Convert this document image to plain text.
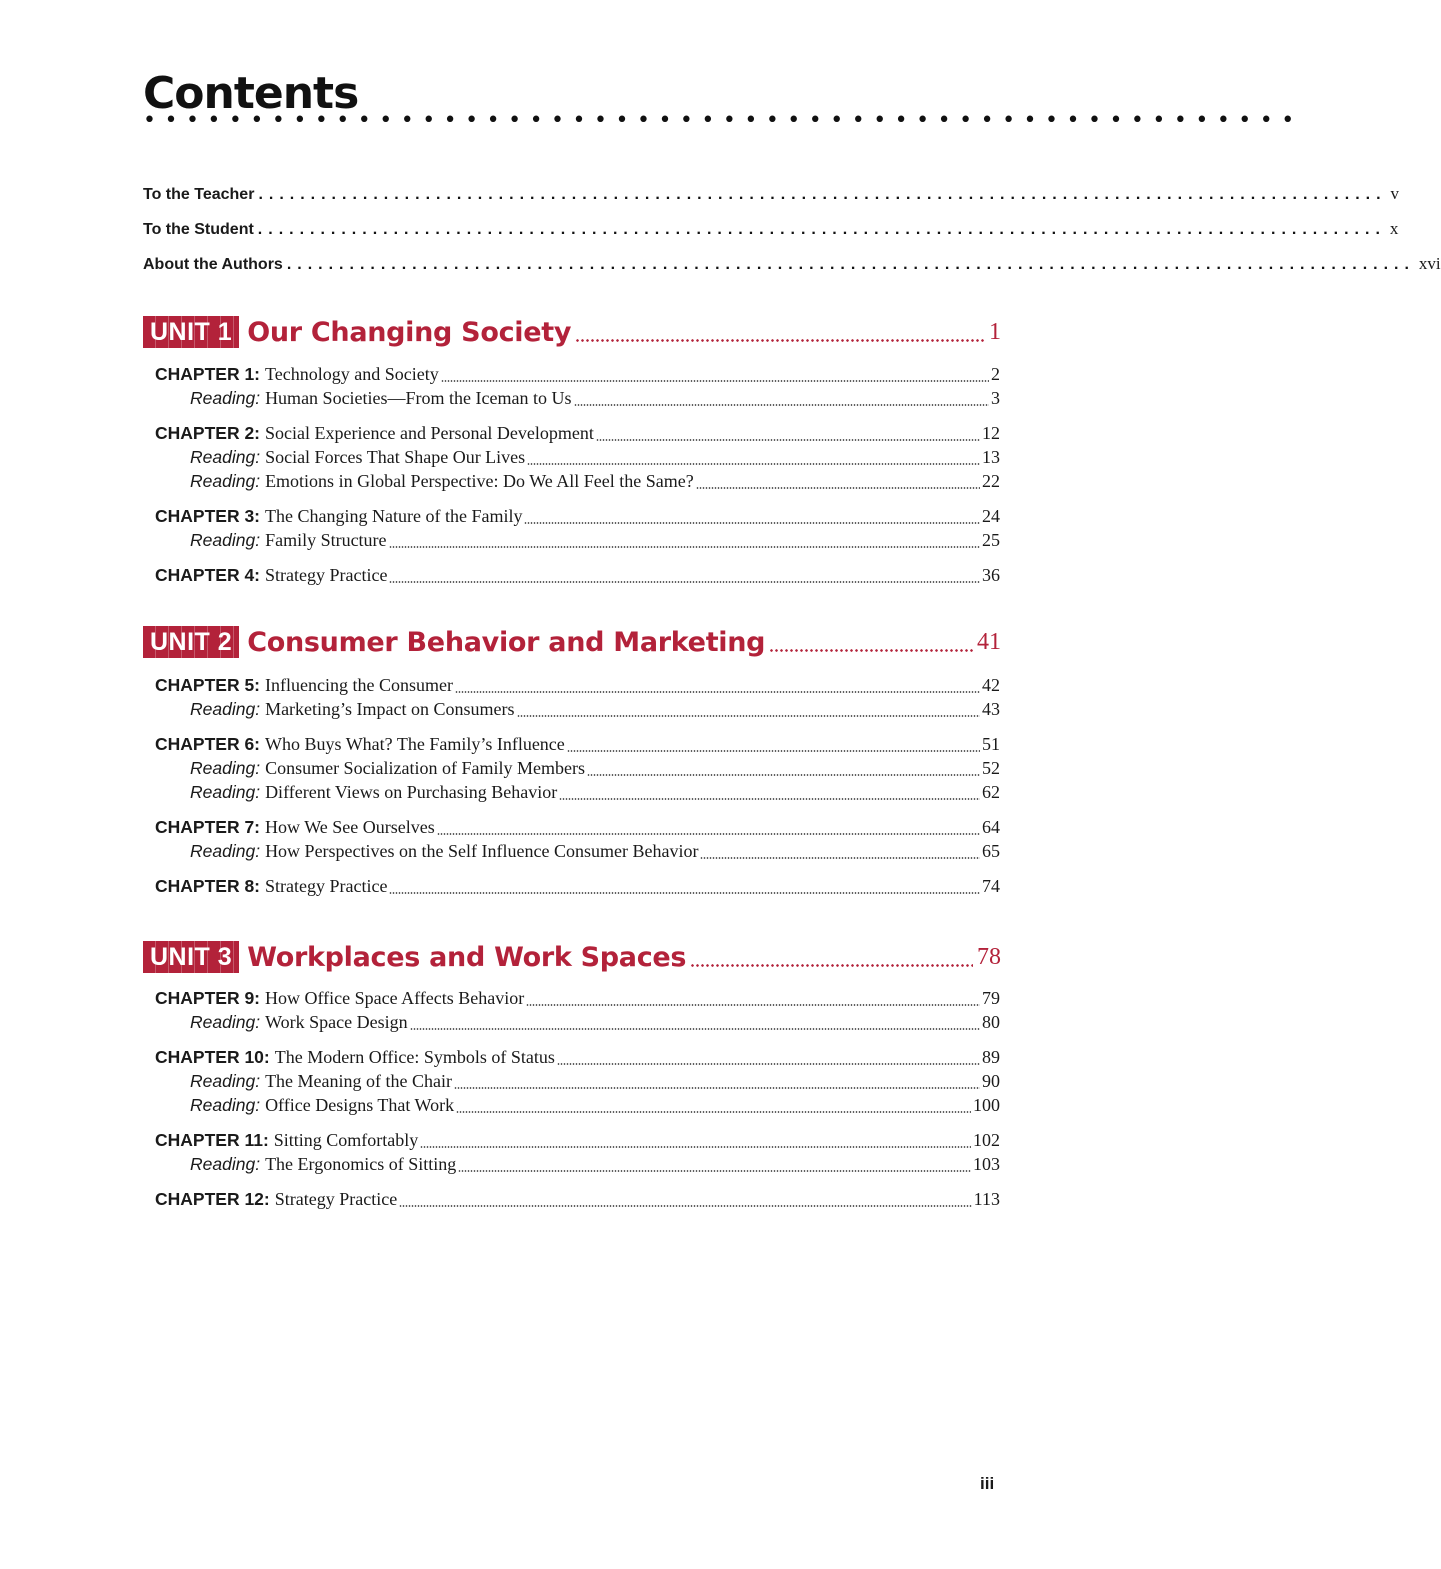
Contents
••••••••••••••••••••••••••••••••••••••••••••••••••••••
To the Teacher ............................................................................................................ v
To the Student ............................................................................................................ x
About the Authors ............................................................................................................ xvi
UNIT 1 Our Changing Society	1
CHAPTER 1: Technology and Society	2
Reading: Human Societies—From the Iceman to Us	3
CHAPTER 2: Social Experience and Personal Development	12
Reading: Social Forces That Shape Our Lives	13
Reading: Emotions in Global Perspective: Do We All Feel the Same?	22
CHAPTER 3: The Changing Nature of the Family	24
Reading: Family Structure	25
CHAPTER 4: Strategy Practice	36
UNIT 2 Consumer Behavior and Marketing	41
CHAPTER 5: Influencing the Consumer	42
Reading: Marketing’s Impact on Consumers	43
CHAPTER 6: Who Buys What? The Family’s Influence	51
Reading: Consumer Socialization of Family Members	52
Reading: Different Views on Purchasing Behavior	62
CHAPTER 7: How We See Ourselves	64
Reading: How Perspectives on the Self Influence Consumer Behavior	65
CHAPTER 8: Strategy Practice	74
UNIT 3 Workplaces and Work Spaces	78
CHAPTER 9: How Office Space Affects Behavior	79
Reading: Work Space Design	80
CHAPTER 10: The Modern Office: Symbols of Status	89
Reading: The Meaning of the Chair	90
Reading: Office Designs That Work	100
CHAPTER 11: Sitting Comfortably	102
Reading: The Ergonomics of Sitting	103
CHAPTER 12: Strategy Practice	113
iii
